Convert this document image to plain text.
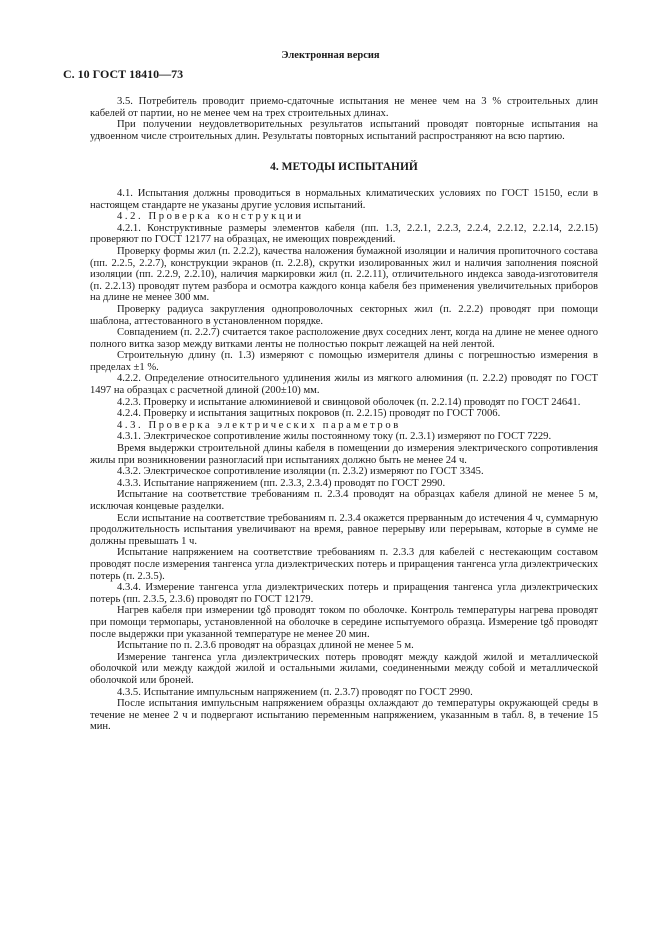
Электронная версия
С. 10 ГОСТ 18410—73

3.5. Потребитель проводит приемо-сдаточные испытания не менее чем на 3 % строительных длин кабелей от партии, но не менее чем на трех строительных длинах.

При получении неудовлетворительных результатов испытаний проводят повторные испытания на удвоенном числе строительных длин. Результаты повторных испытаний распространяют на всю партию.

4. МЕТОДЫ ИСПЫТАНИЙ

4.1. Испытания должны проводиться в нормальных климатических условиях по ГОСТ 15150, если в настоящем стандарте не указаны другие условия испытаний.

4.2. Проверка конструкции

4.2.1. Конструктивные размеры элементов кабеля (пп. 1.3, 2.2.1, 2.2.3, 2.2.4, 2.2.12, 2.2.14, 2.2.15) проверяют по ГОСТ 12177 на образцах, не имеющих повреждений.

Проверку формы жил (п. 2.2.2), качества наложения бумажной изоляции и наличия пропиточного состава (пп. 2.2.5, 2.2.7), конструкции экранов (п. 2.2.8), скрутки изолированных жил и наличия заполнения поясной изоляции (пп. 2.2.9, 2.2.10), наличия маркировки жил (п. 2.2.11), отличительного индекса завода-изготовителя (п. 2.2.13) проводят путем разбора и осмотра каждого конца кабеля без применения увеличительных приборов на длине не менее 300 мм.

Проверку радиуса закругления однопроволочных секторных жил (п. 2.2.2) проводят при помощи шаблона, аттестованного в установленном порядке.

Совпадением (п. 2.2.7) считается такое расположение двух соседних лент, когда на длине не менее одного полного витка зазор между витками ленты не полностью покрыт лежащей на ней лентой.

Строительную длину (п. 1.3) измеряют с помощью измерителя длины с погрешностью измерения в пределах ±1 %.

4.2.2. Определение относительного удлинения жилы из мягкого алюминия (п. 2.2.2) проводят по ГОСТ 1497 на образцах с расчетной длиной (200±10) мм.

4.2.3. Проверку и испытание алюминиевой и свинцовой оболочек (п. 2.2.14) проводят по ГОСТ 24641.

4.2.4. Проверку и испытания защитных покровов (п. 2.2.15) проводят по ГОСТ 7006.

4.3. Проверка электрических параметров

4.3.1. Электрическое сопротивление жилы постоянному току (п. 2.3.1) измеряют по ГОСТ 7229.

Время выдержки строительной длины кабеля в помещении до измерения электрического сопротивления жилы при возникновении разногласий при испытаниях должно быть не менее 24 ч.

4.3.2. Электрическое сопротивление изоляции (п. 2.3.2) измеряют по ГОСТ 3345.

4.3.3. Испытание напряжением (пп. 2.3.3, 2.3.4) проводят по ГОСТ 2990.

Испытание на соответствие требованиям п. 2.3.4 проводят на образцах кабеля длиной не менее 5 м, исключая концевые разделки.

Если испытание на соответствие требованиям п. 2.3.4 окажется прерванным до истечения 4 ч, суммарную продолжительность испытания увеличивают на время, равное перерыву или перерывам, которые в сумме не должны превышать 1 ч.

Испытание напряжением на соответствие требованиям п. 2.3.3 для кабелей с нестекающим составом проводят после измерения тангенса угла диэлектрических потерь и приращения тангенса угла диэлектрических потерь (п. 2.3.5).

4.3.4. Измерение тангенса угла диэлектрических потерь и приращения тангенса угла диэлектрических потерь (пп. 2.3.5, 2.3.6) проводят по ГОСТ 12179.

Нагрев кабеля при измерении tgδ проводят током по оболочке. Контроль температуры нагрева проводят при помощи термопары, установленной на оболочке в середине испытуемого образца. Измерение tgδ проводят после выдержки при указанной температуре не менее 20 мин.

Испытание по п. 2.3.6 проводят на образцах длиной не менее 5 м.

Измерение тангенса угла диэлектрических потерь проводят между каждой жилой и металлической оболочкой или между каждой жилой и остальными жилами, соединенными между собой и металлической оболочкой или броней.

4.3.5. Испытание импульсным напряжением (п. 2.3.7) проводят по ГОСТ 2990.

После испытания импульсным напряжением образцы охлаждают до температуры окружающей среды в течение не менее 2 ч и подвергают испытанию переменным напряжением, указанным в табл. 8, в течение 15 мин.
